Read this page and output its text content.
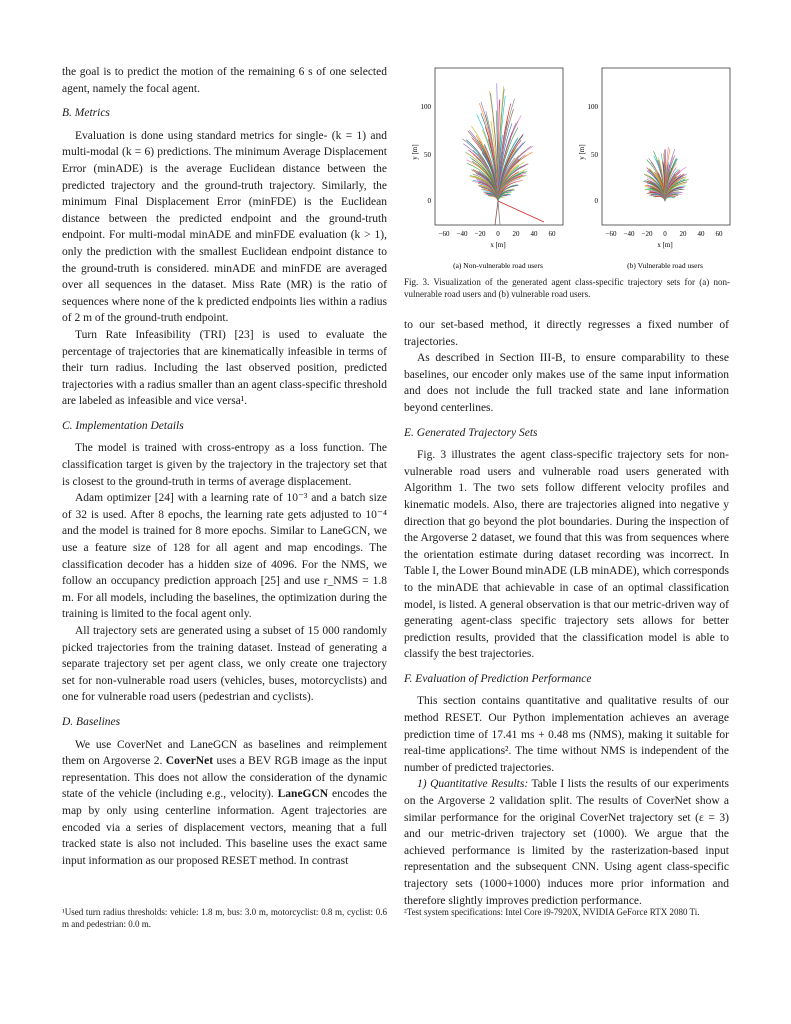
the goal is to predict the motion of the remaining 6 s of one selected agent, namely the focal agent.

B. Metrics

Evaluation is done using standard metrics for single- (k = 1) and multi-modal (k = 6) predictions. The minimum Average Displacement Error (minADE) is the average Euclidean distance between the predicted trajectory and the ground-truth trajectory. Similarly, the minimum Final Displacement Error (minFDE) is the Euclidean distance between the predicted endpoint and the ground-truth endpoint. For multi-modal minADE and minFDE evaluation (k > 1), only the prediction with the smallest Euclidean endpoint distance to the ground-truth is considered. minADE and minFDE are averaged over all sequences in the dataset. Miss Rate (MR) is the ratio of sequences where none of the k predicted endpoints lies within a radius of 2 m of the ground-truth endpoint.

Turn Rate Infeasibility (TRI) [23] is used to evaluate the percentage of trajectories that are kinematically infeasible in terms of their turn radius. Including the last observed position, predicted trajectories with a radius smaller than an agent class-specific threshold are labeled as infeasible and vice versa¹.

C. Implementation Details

The model is trained with cross-entropy as a loss function. The classification target is given by the trajectory in the trajectory set that is closest to the ground-truth in terms of average displacement.

Adam optimizer [24] with a learning rate of 10⁻³ and a batch size of 32 is used. After 8 epochs, the learning rate gets adjusted to 10⁻⁴ and the model is trained for 8 more epochs. Similar to LaneGCN, we use a feature size of 128 for all agent and map encodings. The classification decoder has a hidden size of 4096. For the NMS, we follow an occupancy prediction approach [25] and use r_NMS = 1.8 m. For all models, including the baselines, the optimization during the training is limited to the focal agent only.

All trajectory sets are generated using a subset of 15 000 randomly picked trajectories from the training dataset. Instead of generating a separate trajectory set per agent class, we only create one trajectory set for non-vulnerable road users (vehicles, buses, motorcyclists) and one for vulnerable road users (pedestrian and cyclists).

D. Baselines

We use CoverNet and LaneGCN as baselines and reimplement them on Argoverse 2. CoverNet uses a BEV RGB image as the input representation. This does not allow the consideration of the dynamic state of the vehicle (including e.g., velocity). LaneGCN encodes the map by only using centerline information. Agent trajectories are encoded via a series of displacement vectors, meaning that a full tracked state is also not included. This baseline uses the exact same input information as our proposed RESET method. In contrast

100
50
0
y [m]
−60 −40 −20 0 20 40 60
x [m]
(a) Non-vulnerable road users
100
50
0
y [m]
−60 −40 −20 0 20 40 60
x [m]
(b) Vulnerable road users
Fig. 3. Visualization of the generated agent class-specific trajectory sets for (a) non-vulnerable road users and (b) vulnerable road users.

to our set-based method, it directly regresses a fixed number of trajectories.

As described in Section III-B, to ensure comparability to these baselines, our encoder only makes use of the same input information and does not include the full tracked state and lane information beyond centerlines.

E. Generated Trajectory Sets

Fig. 3 illustrates the agent class-specific trajectory sets for non-vulnerable road users and vulnerable road users generated with Algorithm 1. The two sets follow different velocity profiles and kinematic models. Also, there are trajectories aligned into negative y direction that go beyond the plot boundaries. During the inspection of the Argoverse 2 dataset, we found that this was from sequences where the orientation estimate during dataset recording was incorrect. In Table I, the Lower Bound minADE (LB minADE), which corresponds to the minADE that achievable in case of an optimal classification model, is listed. A general observation is that our metric-driven way of generating agent-class specific trajectory sets allows for better prediction results, provided that the classification model is able to classify the best trajectories.

F. Evaluation of Prediction Performance

This section contains quantitative and qualitative results of our method RESET. Our Python implementation achieves an average prediction time of 17.41 ms + 0.48 ms (NMS), making it suitable for real-time applications². The time without NMS is independent of the number of predicted trajectories.

1) Quantitative Results: Table I lists the results of our experiments on the Argoverse 2 validation split. The results of CoverNet show a similar performance for the original CoverNet trajectory set (ε = 3) and our metric-driven trajectory set (1000). We argue that the achieved performance is limited by the rasterization-based input representation and the subsequent CNN. Using agent class-specific trajectory sets (1000+1000) induces more prior information and therefore slightly improves prediction performance.

¹Used turn radius thresholds: vehicle: 1.8 m, bus: 3.0 m, motorcyclist: 0.8 m, cyclist: 0.6 m and pedestrian: 0.0 m.
²Test system specifications: Intel Core i9-7920X, NVIDIA GeForce RTX 2080 Ti.
